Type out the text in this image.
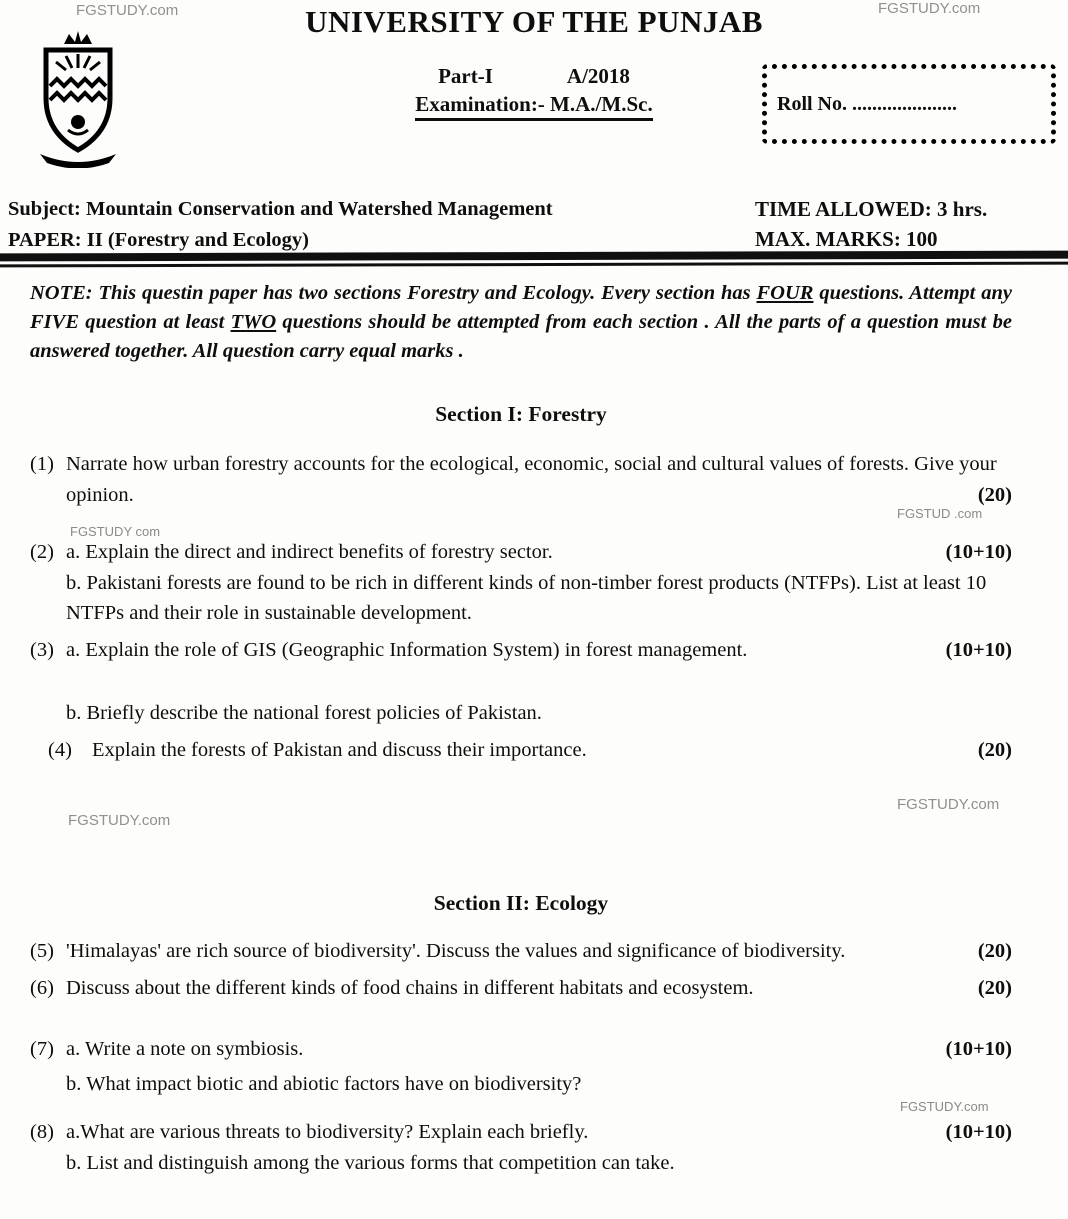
FGSTUDY.com	FGSTUDY.com
FGSTUDY com
FGSTUD .com
FGSTUDY.com
FGSTUDY.com
FGSTUDY.com
UNIVERSITY OF THE PUNJAB
Part-I	A/2018
Examination:- M.A./M.Sc.	Roll No. .....................
Subject: Mountain Conservation and Watershed Management
PAPER: II (Forestry and Ecology)
TIME ALLOWED: 3 hrs.
MAX. MARKS: 100

NOTE: This questin paper has two sections Forestry and Ecology. Every section has FOUR questions. Attempt any FIVE question at least TWO questions should be attempted from each section . All the parts of a question must be answered together. All question carry equal marks .

Section I: Forestry
(1) Narrate how urban forestry accounts for the ecological, economic, social and cultural values of forests. Give your opinion.	(20)
(2) a. Explain the direct and indirect benefits of forestry sector.
b. Pakistani forests are found to be rich in different kinds of non-timber forest products (NTFPs). List at least 10 NTFPs and their role in sustainable development.
(10+10)
(3) a. Explain the role of GIS (Geographic Information System) in forest management.
b. Briefly describe the national forest policies of Pakistan.
(10+10)
(4) Explain the forests of Pakistan and discuss their importance.	(20)
Section II: Ecology
(5) 'Himalayas' are rich source of biodiversity'. Discuss the values and significance of biodiversity.	(20)
(6) Discuss about the different kinds of food chains in different habitats and ecosystem.	(20)
(7) a. Write a note on symbiosis.
b. What impact biotic and abiotic factors have on biodiversity?
(10+10)
(8) a.What are various threats to biodiversity? Explain each briefly.
b. List and distinguish among the various forms that competition can take.
(10+10)
